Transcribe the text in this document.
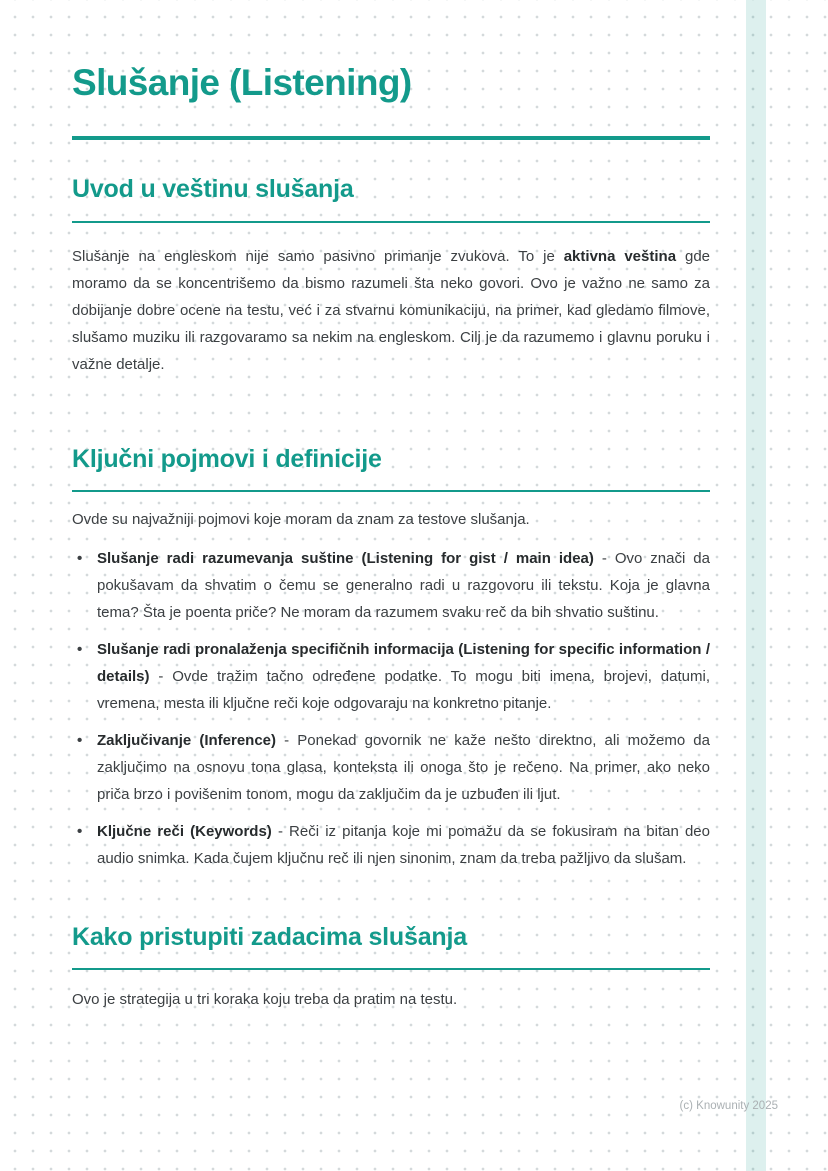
Slušanje (Listening)
Uvod u veštinu slušanja

Slušanje na engleskom nije samo pasivno primanje zvukova. To je aktivna veština gde moramo da se koncentrišemo da bismo razumeli šta neko govori. Ovo je važno ne samo za dobijanje dobre ocene na testu, već i za stvarnu komunikaciju, na primer, kad gledamo filmove, slušamo muziku ili razgovaramo sa nekim na engleskom. Cilj je da razumemo i glavnu poruku i važne detalje.

Ključni pojmovi i definicije

Ovde su najvažniji pojmovi koje moram da znam za testove slušanja.

• Slušanje radi razumevanja suštine (Listening for gist / main idea) - Ovo znači da pokušavam da shvatim o čemu se generalno radi u razgovoru ili tekstu. Koja je glavna tema? Šta je poenta priče? Ne moram da razumem svaku reč da bih shvatio suštinu.
• Slušanje radi pronalaženja specifičnih informacija (Listening for specific information / details) - Ovde tražim tačno određene podatke. To mogu biti imena, brojevi, datumi, vremena, mesta ili ključne reči koje odgovaraju na konkretno pitanje.
• Zaključivanje (Inference) - Ponekad govornik ne kaže nešto direktno, ali možemo da zaključimo na osnovu tona glasa, konteksta ili onoga što je rečeno. Na primer, ako neko priča brzo i povišenim tonom, mogu da zaključim da je uzbuđen ili ljut.
• Ključne reči (Keywords) - Reči iz pitanja koje mi pomažu da se fokusiram na bitan deo audio snimka. Kada čujem ključnu reč ili njen sinonim, znam da treba pažljivo da slušam.
Kako pristupiti zadacima slušanja

Ovo je strategija u tri koraka koju treba da pratim na testu.

(c) Knowunity 2025
